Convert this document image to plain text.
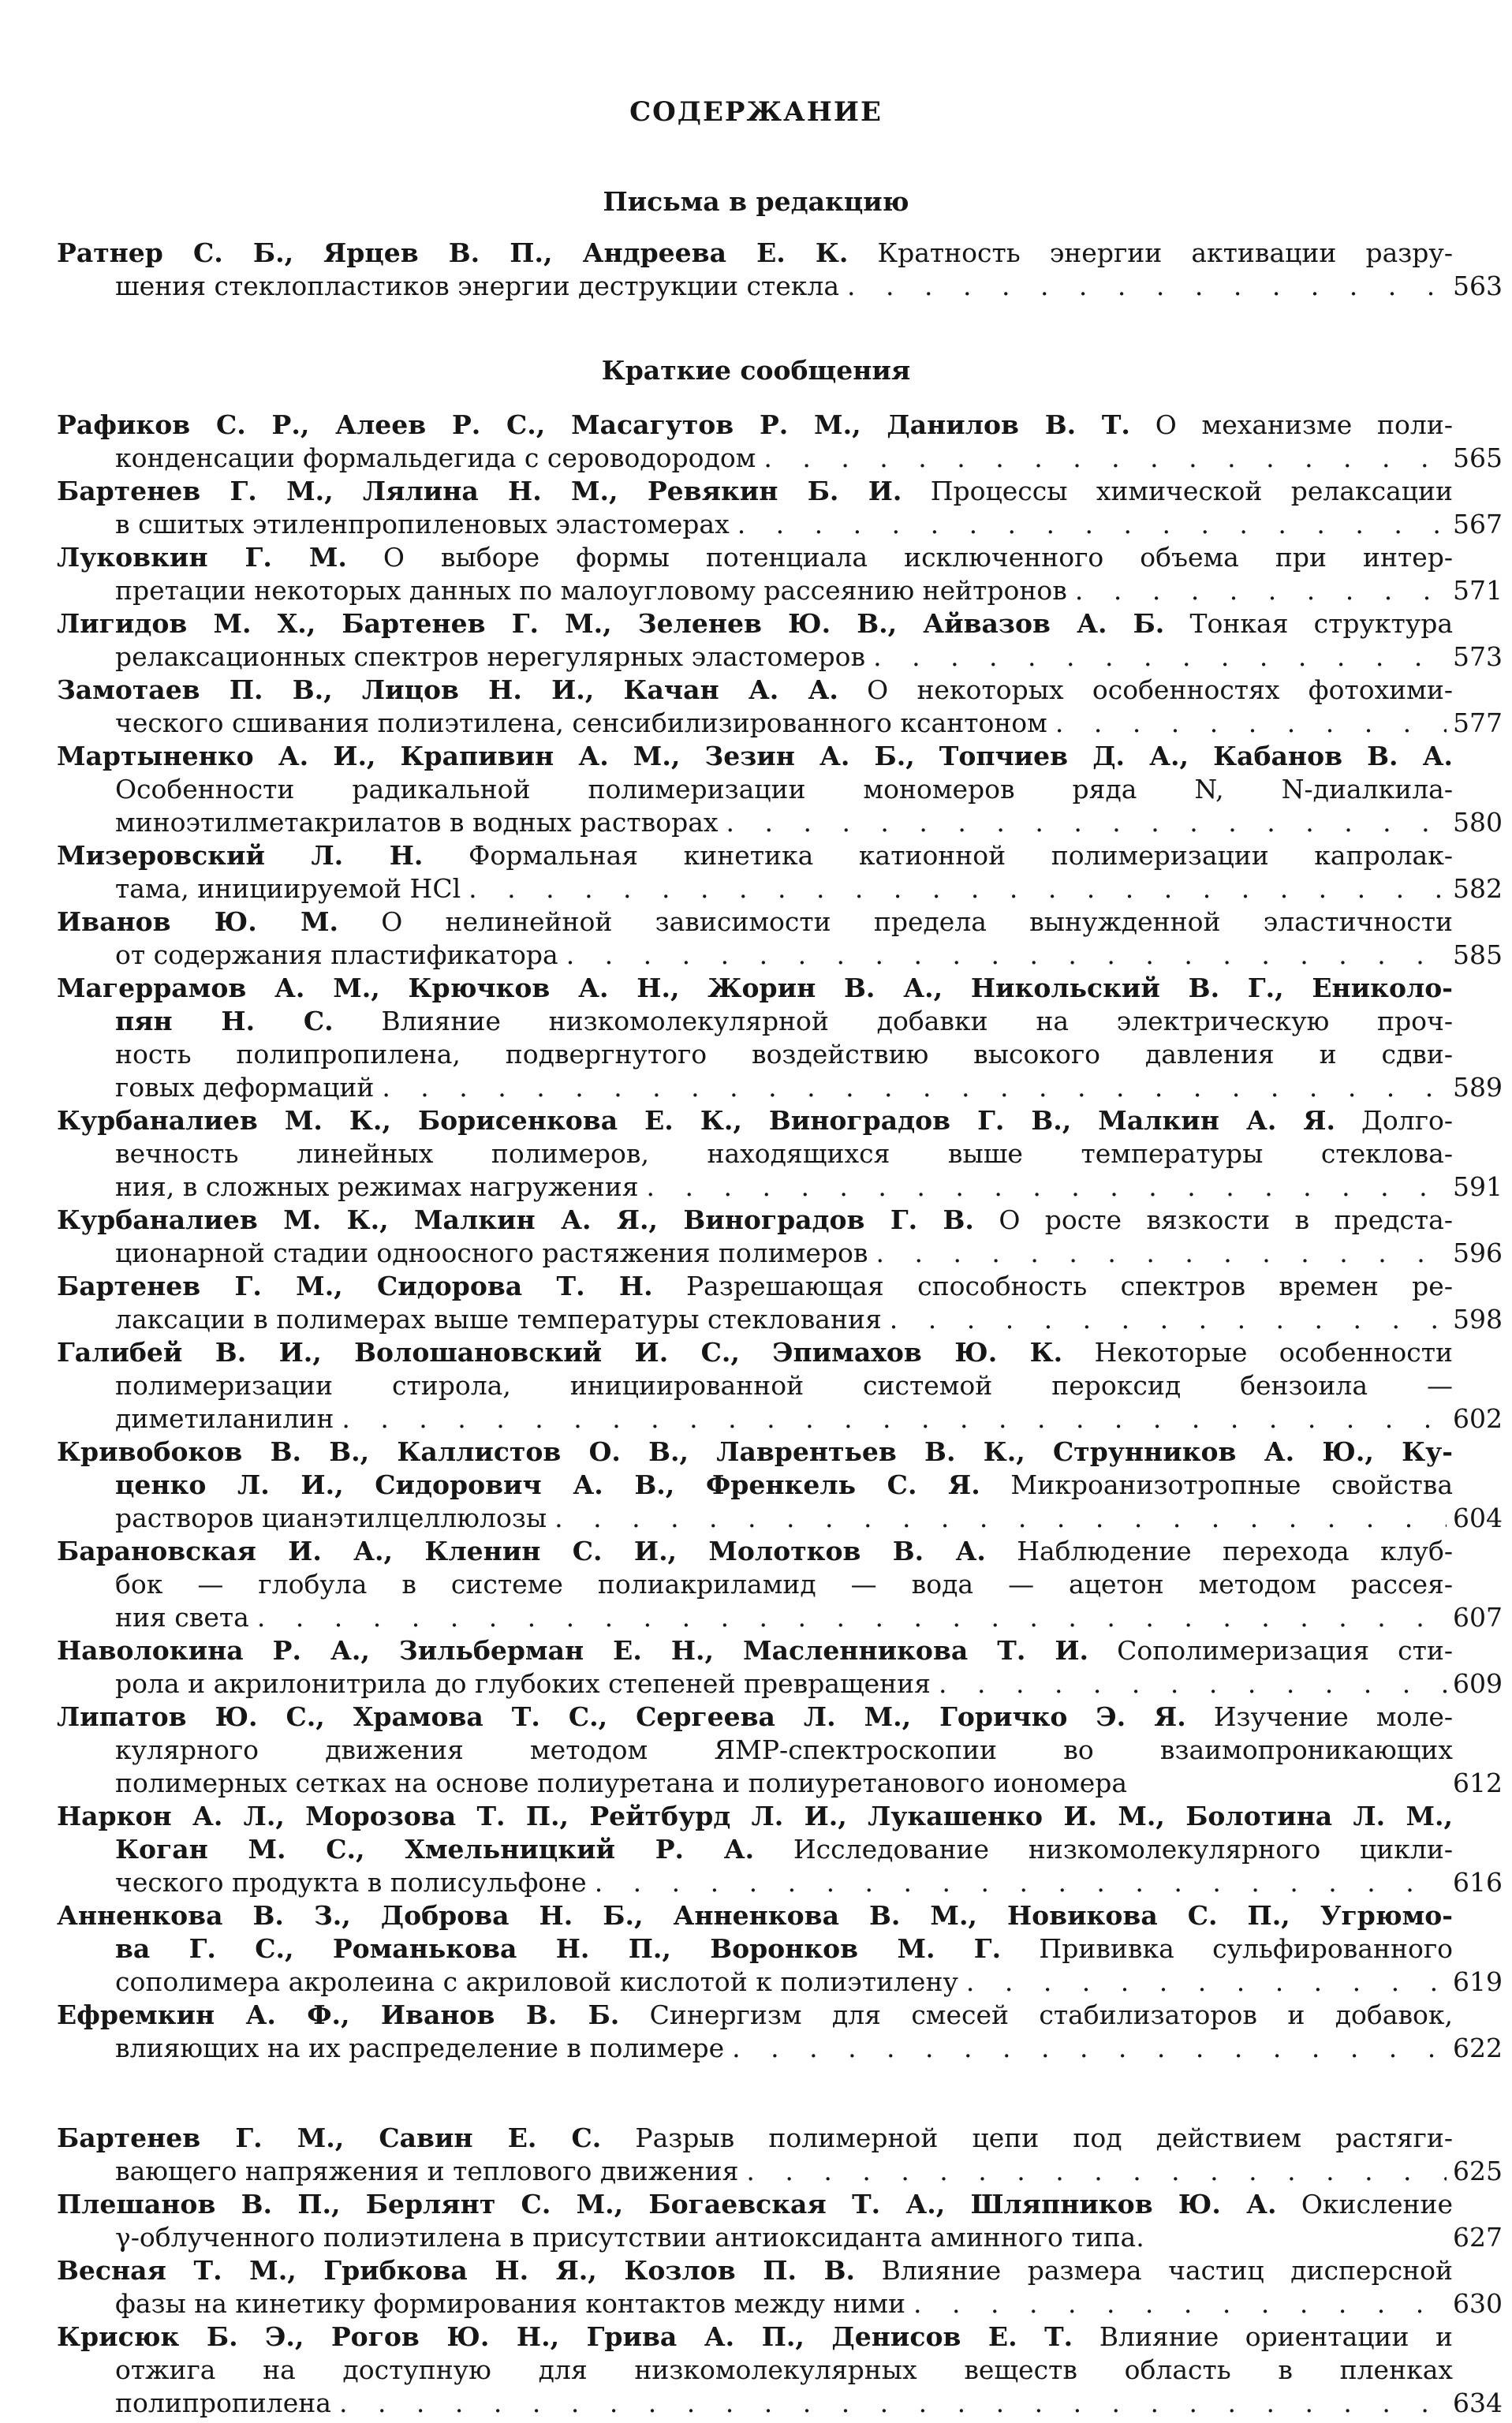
СОДЕРЖАНИЕ
Письма в редакцию
Ратнер С. Б., Ярцев В. П., Андреева Е. К. Кратность энергии активации разру-
шения стеклопластиков энергии деструкции стекла . . .	563
Краткие сообщения
Рафиков С. Р., Алеев Р. С., Масагутов Р. М., Данилов В. Т. О механизме поли-
конденсации формальдегида с сероводородом . . .	565
Бартенев Г. М., Лялина Н. М., Ревякин Б. И. Процессы химической релаксации
в сшитых этиленпропиленовых эластомерах . . .	567
Луковкин Г. М. О выборе формы потенциала исключенного объема при интер-
претации некоторых данных по малоугловому рассеянию нейтронов . . .	571
Лигидов М. Х., Бартенев Г. М., Зеленев Ю. В., Айвазов А. Б. Тонкая структура
релаксационных спектров нерегулярных эластомеров . . .	573
Замотаев П. В., Лицов Н. И., Качан А. А. О некоторых особенностях фотохими-
ческого сшивания полиэтилена, сенсибилизированного ксантоном . . .	577
Мартыненко А. И., Крапивин А. М., Зезин А. Б., Топчиев Д. А., Кабанов В. А.
Особенности радикальной полимеризации мономеров ряда N, N-диалкила-
миноэтилметакрилатов в водных растворах . . .	580
Мизеровский Л. Н. Формальная кинетика катионной полимеризации капролак-
тама, инициируемой HCl . . .	582
Иванов Ю. М. О нелинейной зависимости предела вынужденной эластичности
от содержания пластификатора . . .	585
Магеррамов А. М., Крючков А. Н., Жорин В. А., Никольский В. Г., Ениколо-
пян Н. С. Влияние низкомолекулярной добавки на электрическую проч-
ность полипропилена, подвергнутого воздействию высокого давления и сдви-
говых деформаций . . .	589
Курбаналиев М. К., Борисенкова Е. К., Виноградов Г. В., Малкин А. Я. Долго-
вечность линейных полимеров, находящихся выше температуры стеклова-
ния, в сложных режимах нагружения . . .	591
Курбаналиев М. К., Малкин А. Я., Виноградов Г. В. О росте вязкости в предста-
ционарной стадии одноосного растяжения полимеров . . .	596
Бартенев Г. М., Сидорова Т. Н. Разрешающая способность спектров времен ре-
лаксации в полимерах выше температуры стеклования . . .	598
Галибей В. И., Волошановский И. С., Эпимахов Ю. К. Некоторые особенности
полимеризации стирола, инициированной системой пероксид бензоила —
диметиланилин . . .	602
Кривобоков В. В., Каллистов О. В., Лаврентьев В. К., Струнников А. Ю., Ку-
ценко Л. И., Сидорович А. В., Френкель С. Я. Микроанизотропные свойства
растворов цианэтилцеллюлозы . . .	604
Барановская И. А., Кленин С. И., Молотков В. А. Наблюдение перехода клуб-
бок — глобула в системе полиакриламид — вода — ацетон методом рассея-
ния света . . .	607
Наволокина Р. А., Зильберман Е. Н., Масленникова Т. И. Сополимеризация сти-
рола и акрилонитрила до глубоких степеней превращения . . .	609
Липатов Ю. С., Храмова Т. С., Сергеева Л. М., Горичко Э. Я. Изучение моле-
кулярного движения методом ЯМР-спектроскопии во взаимопроникающих
полимерных сетках на основе полиуретана и полиуретанового иономера	612
Наркон А. Л., Морозова Т. П., Рейтбурд Л. И., Лукашенко И. М., Болотина Л. М.,
Коган М. С., Хмельницкий Р. А. Исследование низкомолекулярного цикли-
ческого продукта в полисульфоне . . .	616
Анненкова В. З., Доброва Н. Б., Анненкова В. М., Новикова С. П., Угрюмо-
ва Г. С., Романькова Н. П., Воронков М. Г. Прививка сульфированного
сополимера акролеина с акриловой кислотой к полиэтилену . . .	619
Ефремкин А. Ф., Иванов В. Б. Синергизм для смесей стабилизаторов и добавок,
влияющих на их распределение в полимере . . .	622
Бартенев Г. М., Савин Е. С. Разрыв полимерной цепи под действием растяги-
вающего напряжения и теплового движения . . .	625
Плешанов В. П., Берлянт С. М., Богаевская Т. А., Шляпников Ю. А. Окисление
γ-облученного полиэтилена в присутствии антиоксиданта аминного типа.	627
Весная Т. М., Грибкова Н. Я., Козлов П. В. Влияние размера частиц дисперсной
фазы на кинетику формирования контактов между ними . . .	630
Крисюк Б. Э., Рогов Ю. Н., Грива А. П., Денисов Е. Т. Влияние ориентации и
отжига на доступную для низкомолекулярных веществ область в пленках
полипропилена . . .	634
